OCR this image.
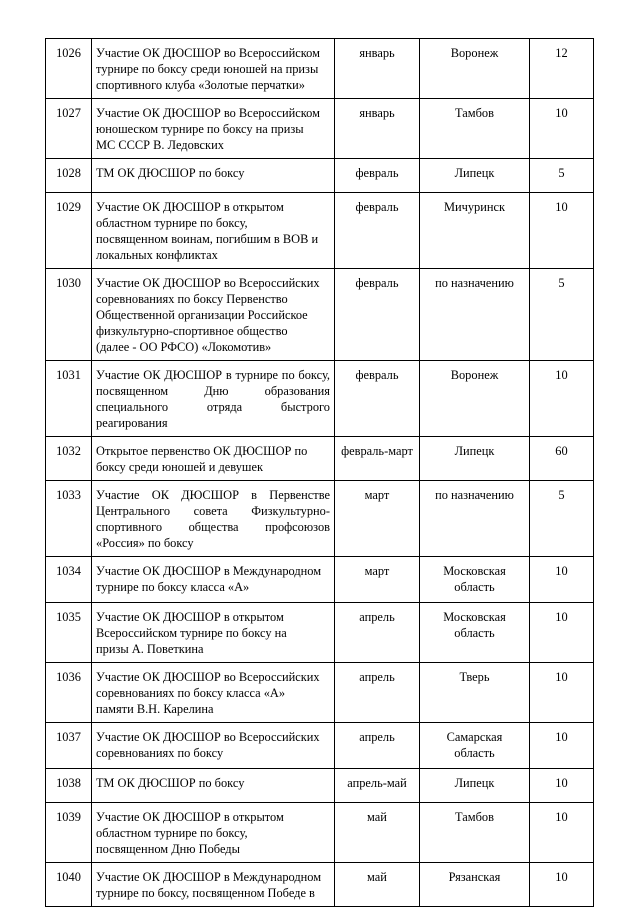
1026	Участие ОК ДЮСШОР во Всероссийском
турнире по боксу среди юношей на призы
спортивного клуба «Золотые перчатки»	январь	Воронеж	12
1027	Участие ОК ДЮСШОР во Всероссийском
юношеском турнире по боксу на призы
МС СССР В. Ледовских	январь	Тамбов	10
1028	ТМ ОК ДЮСШОР по боксу	февраль	Липецк	5
1029	Участие ОК ДЮСШОР в открытом
областном турнире по боксу,
посвященном воинам, погибшим в ВОВ и
локальных конфликтах	февраль	Мичуринск	10
1030	Участие ОК ДЮСШОР во Всероссийских
соревнованиях по боксу Первенство
Общественной организации Российское
физкультурно-спортивное общество
(далее - ОО РФСО) «Локомотив»	февраль	по назначению	5
1031	Участие ОК ДЮСШОР в турнире по боксу, посвященном Дню образования специального отряда быстрого реагирования	февраль	Воронеж	10
1032	Открытое первенство ОК ДЮСШОР по
боксу среди юношей и девушек	февраль-март	Липецк	60
1033	Участие ОК ДЮСШОР в Первенстве Центрального совета Физкультурно-спортивного общества профсоюзов «Россия» по боксу	март	по назначению	5
1034	Участие ОК ДЮСШОР в Международном
турнире по боксу класса «А»	март	Московская
область	10
1035	Участие ОК ДЮСШОР в открытом
Всероссийском турнире по боксу на
призы А. Поветкина	апрель	Московская
область	10
1036	Участие ОК ДЮСШОР во Всероссийских
соревнованиях по боксу класса «А»
памяти В.Н. Карелина	апрель	Тверь	10
1037	Участие ОК ДЮСШОР во Всероссийских
соревнованиях по боксу	апрель	Самарская
область	10
1038	ТМ ОК ДЮСШОР по боксу	апрель-май	Липецк	10
1039	Участие ОК ДЮСШОР в открытом
областном турнире по боксу,
посвященном Дню Победы	май	Тамбов	10
1040	Участие ОК ДЮСШОР в Международном
турнире по боксу, посвященном Победе в	май	Рязанская	10
